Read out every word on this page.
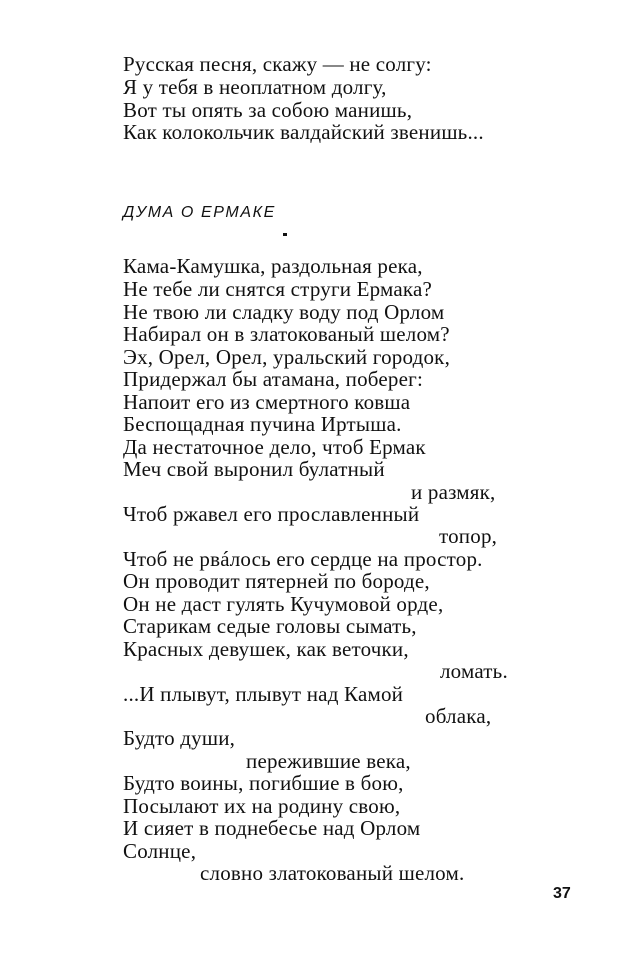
Русская песня, скажу — не солгу:
Я у тебя в неоплатном долгу,
Вот ты опять за собою манишь,
Как колокольчик валдайский звенишь...
ДУМА О ЕРМАКЕ
Кама-Камушка, раздольная река,
Не тебе ли снятся струги Ермака?
Не твою ли сладку воду под Орлом
Набирал он в златокованый шелом?
Эх, Орел, Орел, уральский городок,
Придержал бы атамана, поберег:
Напоит его из смертного ковша
Беспощадная пучина Иртыша.
Да нестаточное дело, чтоб Ермак
Меч свой выронил булатный
и размяк,
Чтоб ржавел его прославленный
топор,
Чтоб не рвáлось его сердце на простор.
Он проводит пятерней по бороде,
Он не даст гулять Кучумовой орде,
Старикам седые головы сымать,
Красных девушек, как веточки,
ломать.
...И плывут, плывут над Камой
облака,
Будто души,
пережившие века,
Будто воины, погибшие в бою,
Посылают их на родину свою,
И сияет в поднебесье над Орлом
Солнце,
словно златокованый шелом.
37
